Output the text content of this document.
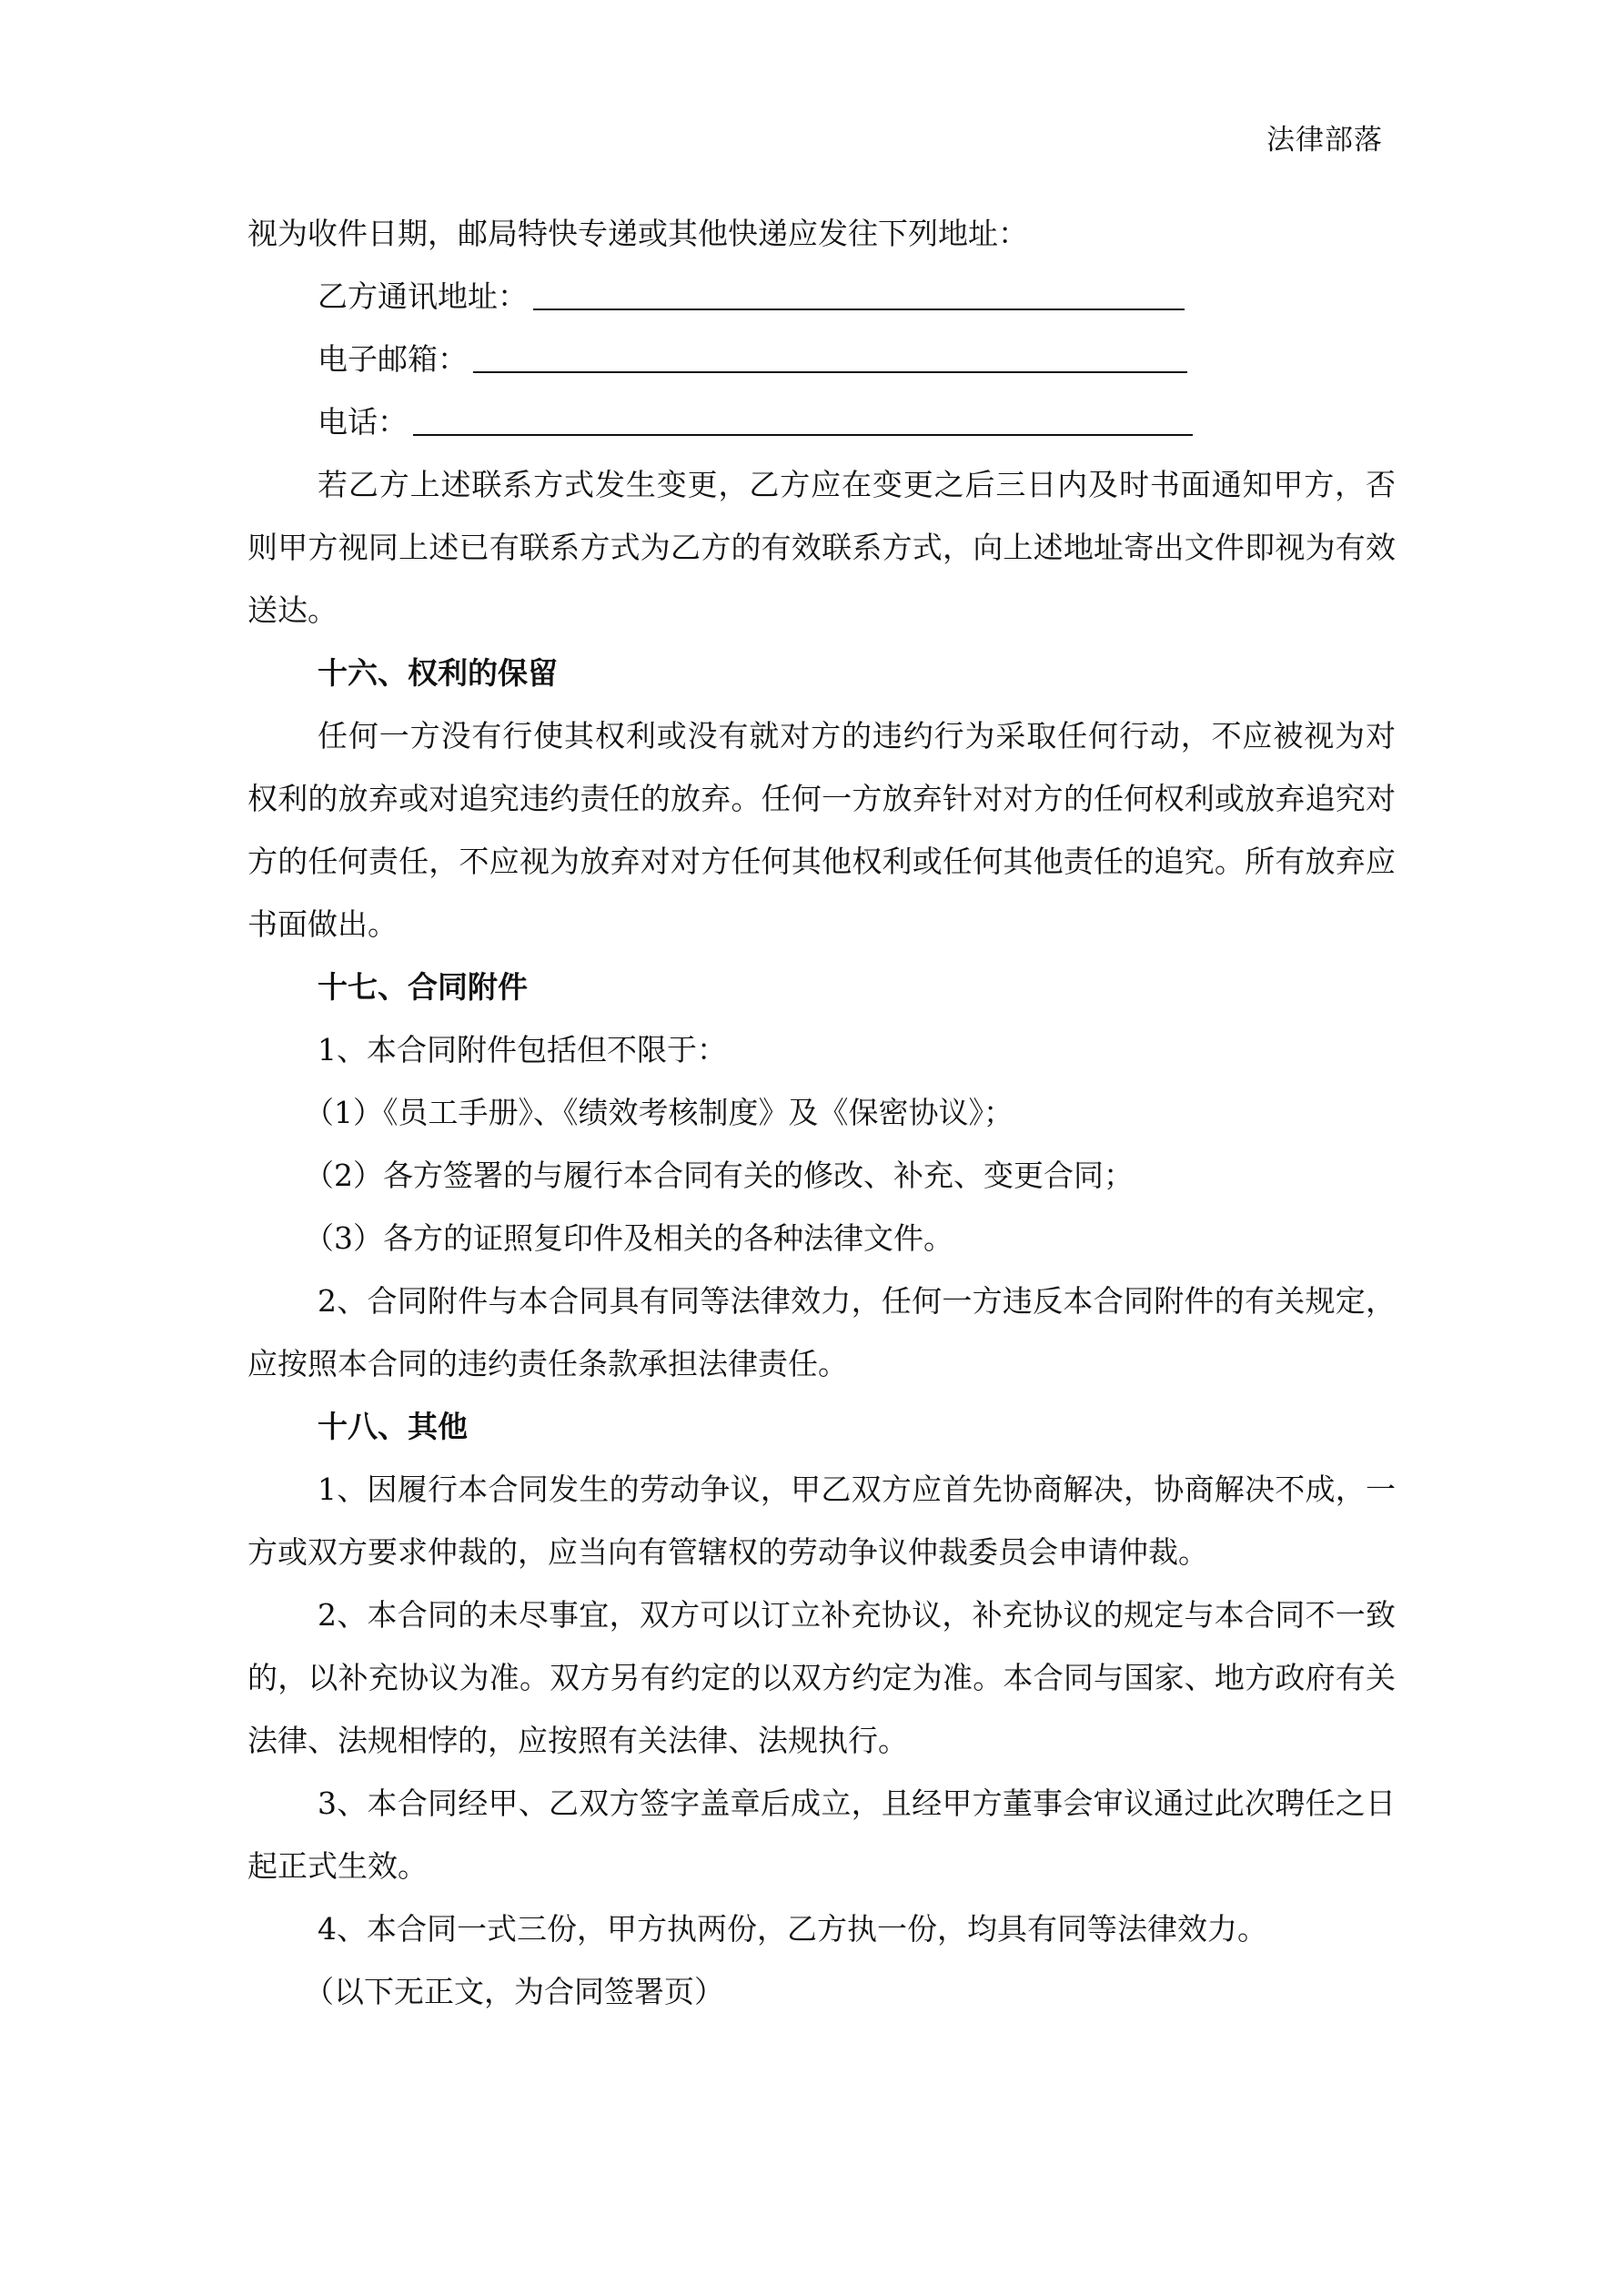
法律部落

视为收件日期，邮局特快专递或其他快递应发往下列地址：

乙方通讯地址：

电子邮箱：

电话：

若乙方上述联系方式发生变更，乙方应在变更之后三日内及时书面通知甲方，否则甲方视同上述已有联系方式为乙方的有效联系方式，向上述地址寄出文件即视为有效送达。

十六、权利的保留

任何一方没有行使其权利或没有就对方的违约行为采取任何行动，不应被视为对权利的放弃或对追究违约责任的放弃。任何一方放弃针对对方的任何权利或放弃追究对方的任何责任，不应视为放弃对对方任何其他权利或任何其他责任的追究。所有放弃应书面做出。

十七、合同附件

1、本合同附件包括但不限于：

（1）《员工手册》、《绩效考核制度》及《保密协议》；

（2）各方签署的与履行本合同有关的修改、补充、变更合同；

（3）各方的证照复印件及相关的各种法律文件。

2、合同附件与本合同具有同等法律效力，任何一方违反本合同附件的有关规定，应按照本合同的违约责任条款承担法律责任。

十八、其他

1、因履行本合同发生的劳动争议，甲乙双方应首先协商解决，协商解决不成，一方或双方要求仲裁的，应当向有管辖权的劳动争议仲裁委员会申请仲裁。

2、本合同的未尽事宜，双方可以订立补充协议，补充协议的规定与本合同不一致的，以补充协议为准。双方另有约定的以双方约定为准。本合同与国家、地方政府有关法律、法规相悖的，应按照有关法律、法规执行。

3、本合同经甲、乙双方签字盖章后成立，且经甲方董事会审议通过此次聘任之日起正式生效。

4、本合同一式三份，甲方执两份，乙方执一份，均具有同等法律效力。

（以下无正文，为合同签署页）
